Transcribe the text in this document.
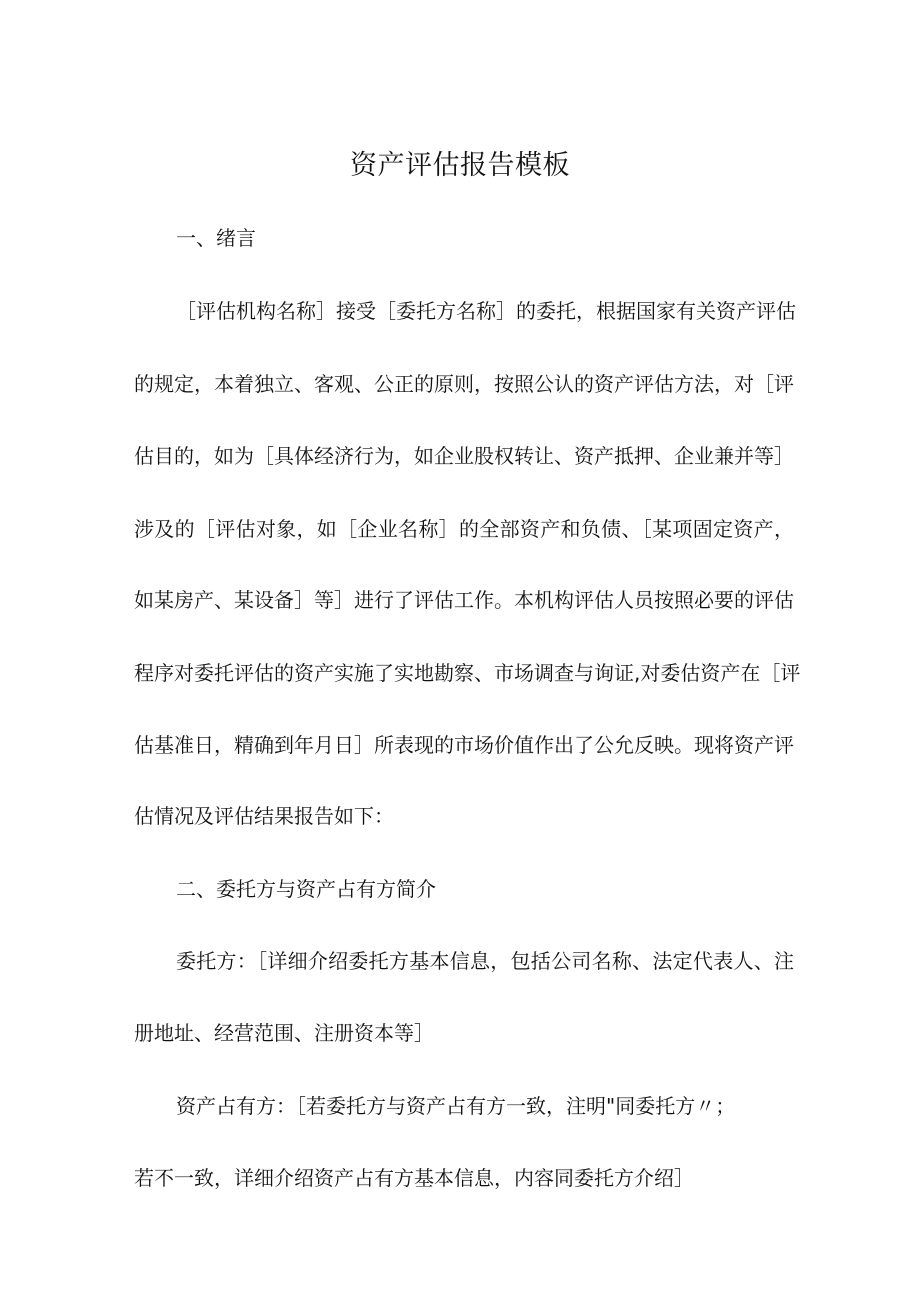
资产评估报告模板
一、绪言
［评估机构名称］接受［委托方名称］的委托，根据国家有关资产评估
的规定，本着独立、客观、公正的原则，按照公认的资产评估方法，对［评
估目的，如为［具体经济行为，如企业股权转让、资产抵押、企业兼并等］
涉及的［评估对象，如［企业名称］的全部资产和负债、［某项固定资产，
如某房产、某设备］等］进行了评估工作。本机构评估人员按照必要的评估
程序对委托评估的资产实施了实地勘察、市场调查与询证,对委估资产在［评
估基准日，精确到年月日］所表现的市场价值作出了公允反映。现将资产评
估情况及评估结果报告如下：
二、委托方与资产占有方简介
委托方：［详细介绍委托方基本信息，包括公司名称、法定代表人、注
册地址、经营范围、注册资本等］
资产占有方：［若委托方与资产占有方一致，注明"同委托方〃；
若不一致，详细介绍资产占有方基本信息，内容同委托方介绍］
